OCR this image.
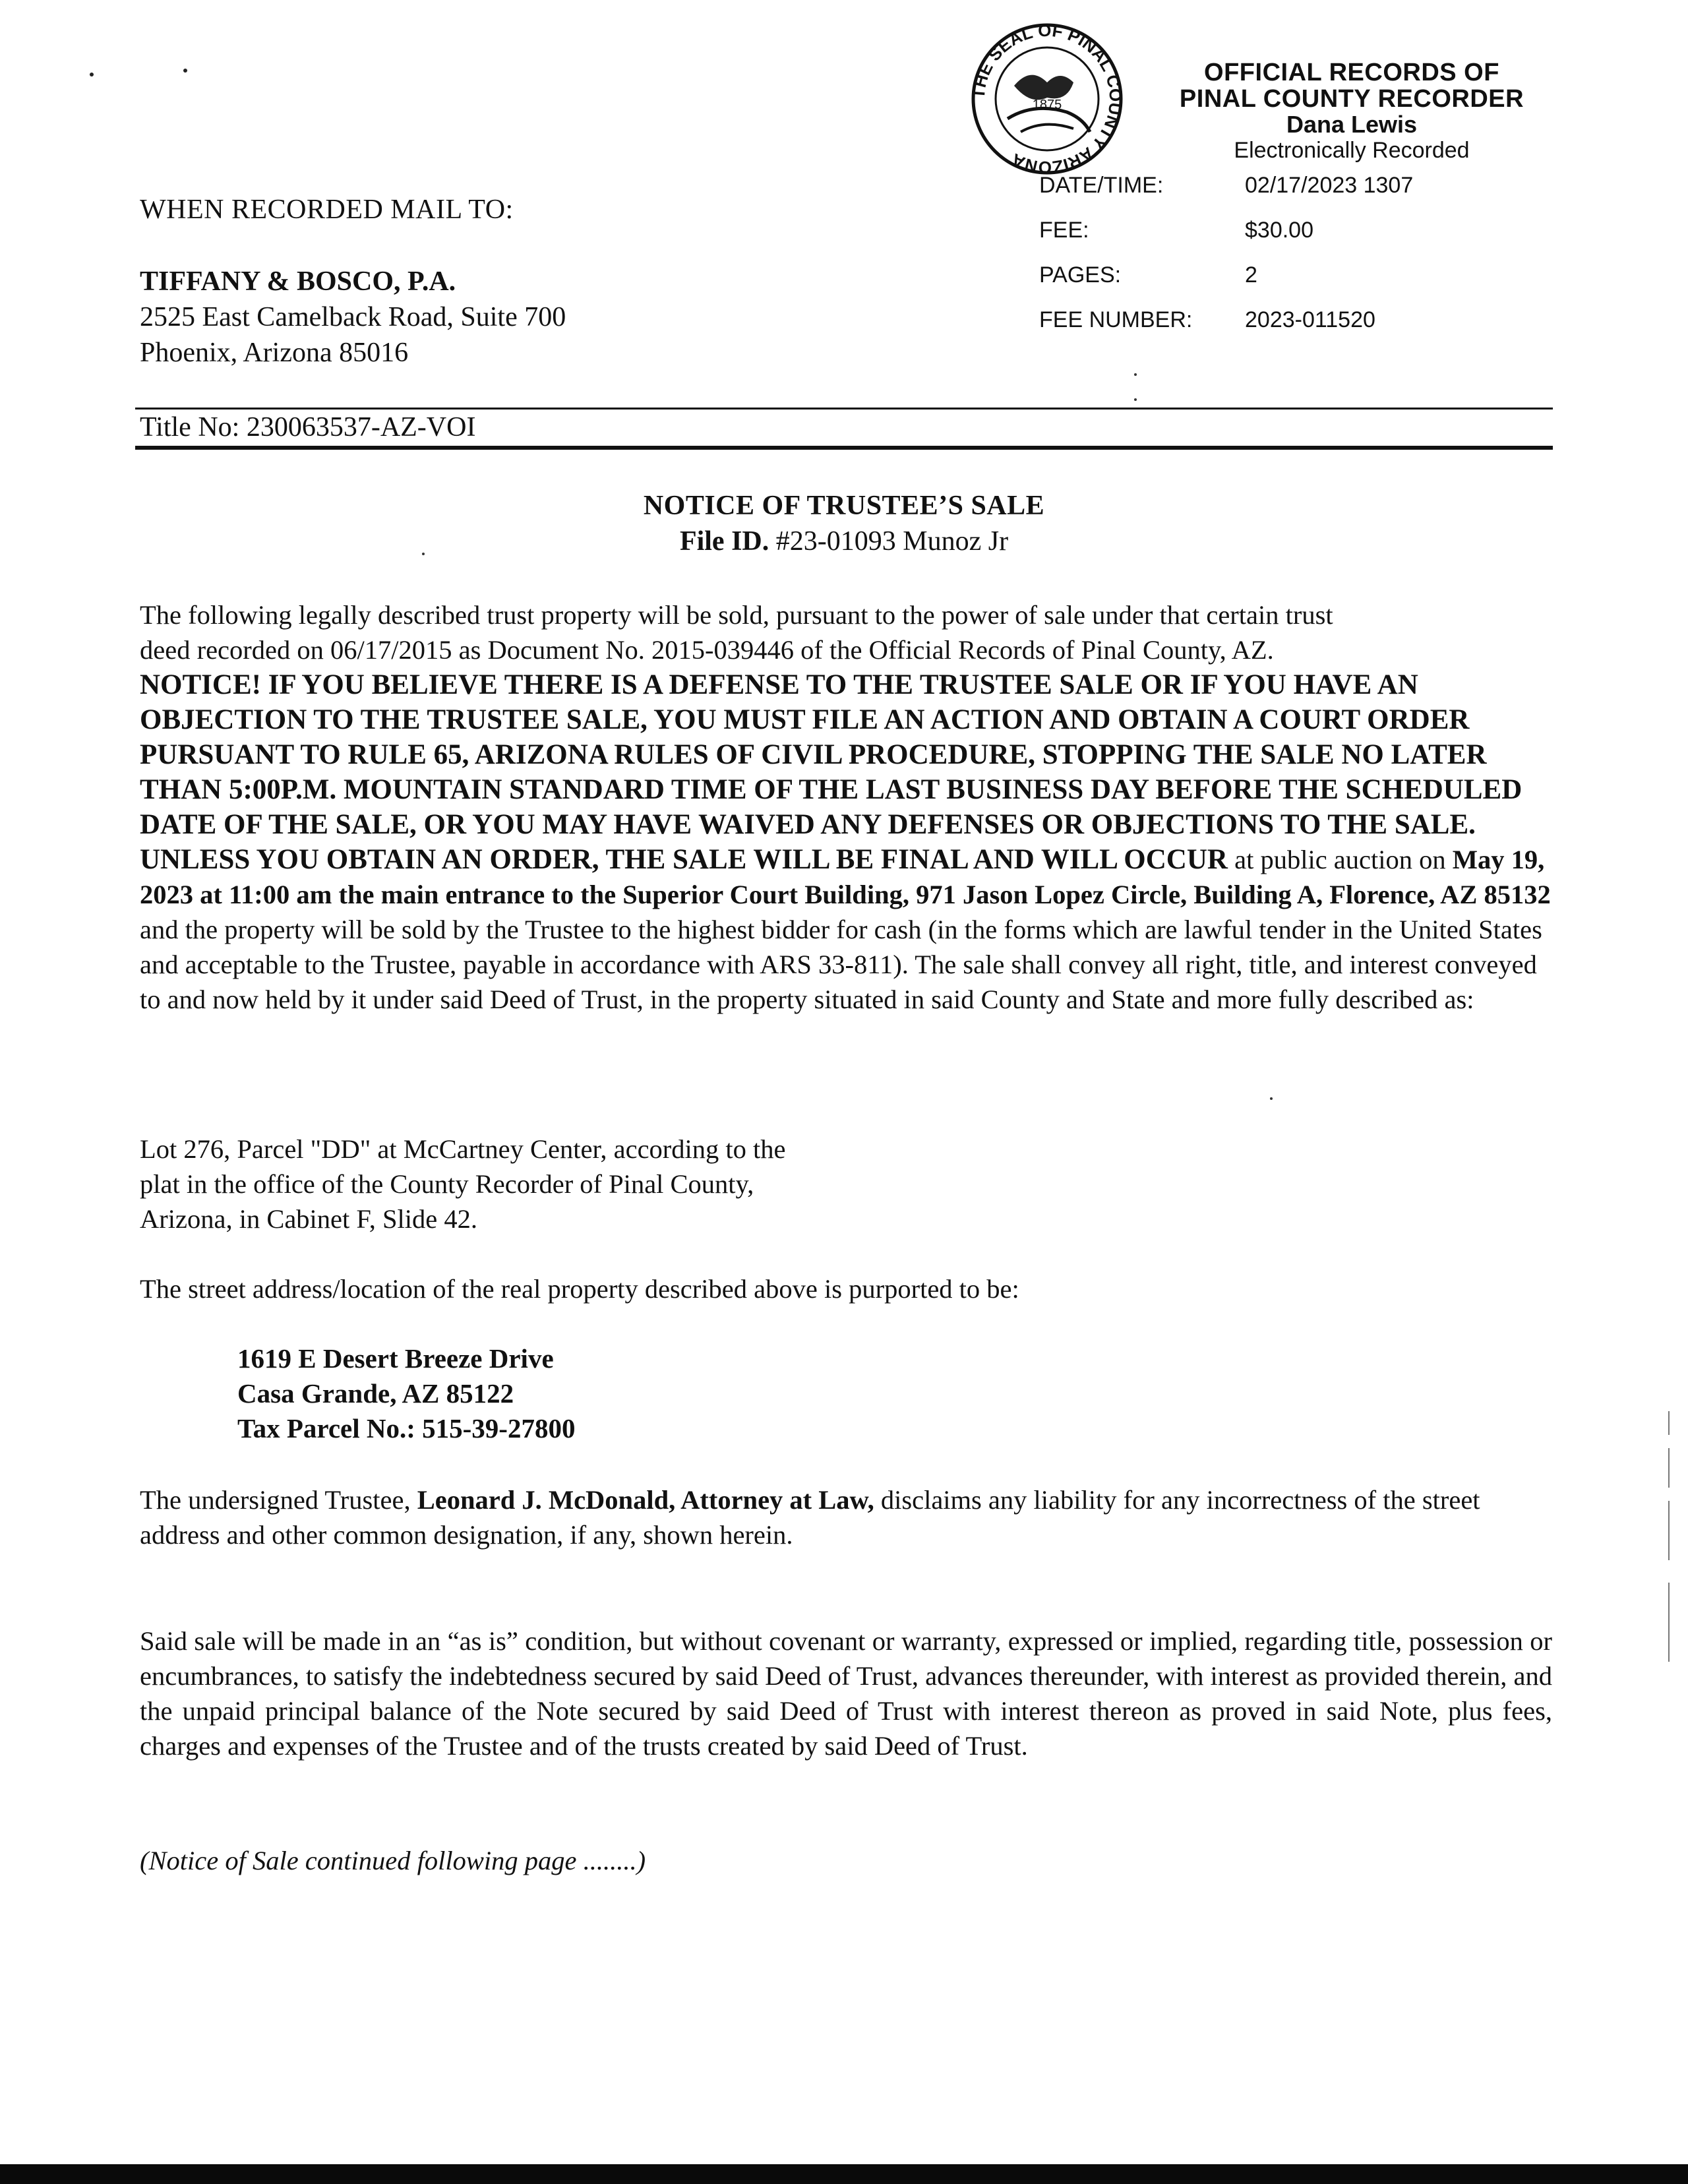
THE SEAL OF PINAL COUNTY ARIZONA
1875
OFFICIAL RECORDS OF
PINAL COUNTY RECORDER
Dana Lewis
Electronically Recorded
DATE/TIME:	02/17/2023 1307
FEE:	$30.00
PAGES:	2
FEE NUMBER: 2023-011520
WHEN RECORDED MAIL TO:
TIFFANY & BOSCO, P.A.
2525 East Camelback Road, Suite 700
Phoenix, Arizona 85016
Title No: 230063537-AZ-VOI
NOTICE OF TRUSTEE’S SALE
File ID. #23-01093 Munoz Jr
The following legally described trust property will be sold, pursuant to the power of sale under that certain trust
deed recorded on 06/17/2015 as Document No. 2015-039446 of the Official Records of Pinal County, AZ.
NOTICE! IF YOU BELIEVE THERE IS A DEFENSE TO THE TRUSTEE SALE OR IF YOU HAVE AN OBJECTION TO THE TRUSTEE SALE, YOU MUST FILE AN ACTION AND OBTAIN A COURT ORDER PURSUANT TO RULE 65, ARIZONA RULES OF CIVIL PROCEDURE, STOPPING THE SALE NO LATER THAN 5:00P.M. MOUNTAIN STANDARD TIME OF THE LAST BUSINESS DAY BEFORE THE SCHEDULED DATE OF THE SALE, OR YOU MAY HAVE WAIVED ANY DEFENSES OR OBJECTIONS TO THE SALE. UNLESS YOU OBTAIN AN ORDER, THE SALE WILL BE FINAL AND WILL OCCUR at public auction on May 19, 2023 at 11:00 am the main entrance to the Superior Court Building, 971 Jason Lopez Circle, Building A, Florence, AZ 85132 and the property will be sold by the Trustee to the highest bidder for cash (in the forms which are lawful tender in the United States and acceptable to the Trustee, payable in accordance with ARS 33-811). The sale shall convey all right, title, and interest conveyed to and now held by it under said Deed of Trust, in the property situated in said County and State and more fully described as:
Lot 276, Parcel "DD" at McCartney Center, according to the
plat in the office of the County Recorder of Pinal County,
Arizona, in Cabinet F, Slide 42.
The street address/location of the real property described above is purported to be:
1619 E Desert Breeze Drive
Casa Grande, AZ 85122
Tax Parcel No.: 515-39-27800
The undersigned Trustee, Leonard J. McDonald, Attorney at Law, disclaims any liability for any incorrectness of the street address and other common designation, if any, shown herein.
Said sale will be made in an “as is” condition, but without covenant or warranty, expressed or implied, regarding title, possession or encumbrances, to satisfy the indebtedness secured by said Deed of Trust, advances thereunder, with interest as provided therein, and the unpaid principal balance of the Note secured by said Deed of Trust with interest thereon as proved in said Note, plus fees, charges and expenses of the Trustee and of the trusts created by said Deed of Trust.
(Notice of Sale continued following page ........)
